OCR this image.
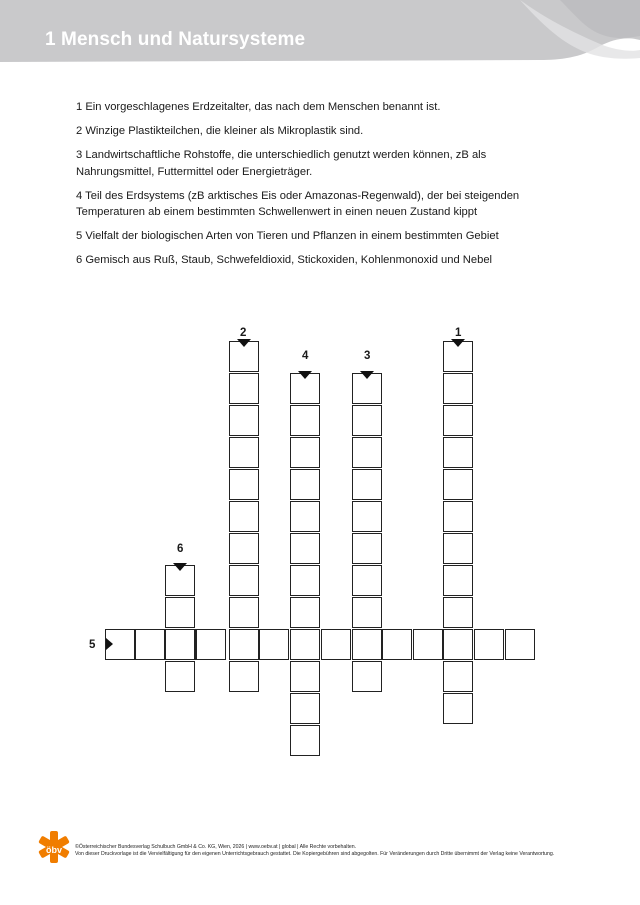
1 Mensch und Natursysteme
1 Ein vorgeschlagenes Erdzeitalter, das nach dem Menschen benannt ist.
2 Winzige Plastikteilchen, die kleiner als Mikroplastik sind.
3 Landwirtschaftliche Rohstoffe, die unterschiedlich genutzt werden können, zB als Nahrungsmittel, Futtermittel oder Energieträger.
4 Teil des Erdsystems (zB arktisches Eis oder Amazonas-Regenwald), der bei steigenden Temperaturen ab einem bestimmten Schwellenwert in einen neuen Zustand kippt
5 Vielfalt der biologischen Arten von Tieren und Pflanzen in einem bestimmten Gebiet
6 Gemisch aus Ruß, Staub, Schwefeldioxid, Stickoxiden, Kohlenmonoxid und Nebel
1
2
3
4
5
6
öbv ©Österreichischer Bundesverlag Schulbuch GmbH & Co. KG, Wien, 2026 | www.oebv.at | global | Alle Rechte vorbehalten.
Von dieser Druckvorlage ist die Vervielfältigung für den eigenen Unterrichtsgebrauch gestattet. Die Kopiergebühren sind abgegolten. Für Veränderungen durch Dritte übernimmt der Verlag keine Verantwortung.
